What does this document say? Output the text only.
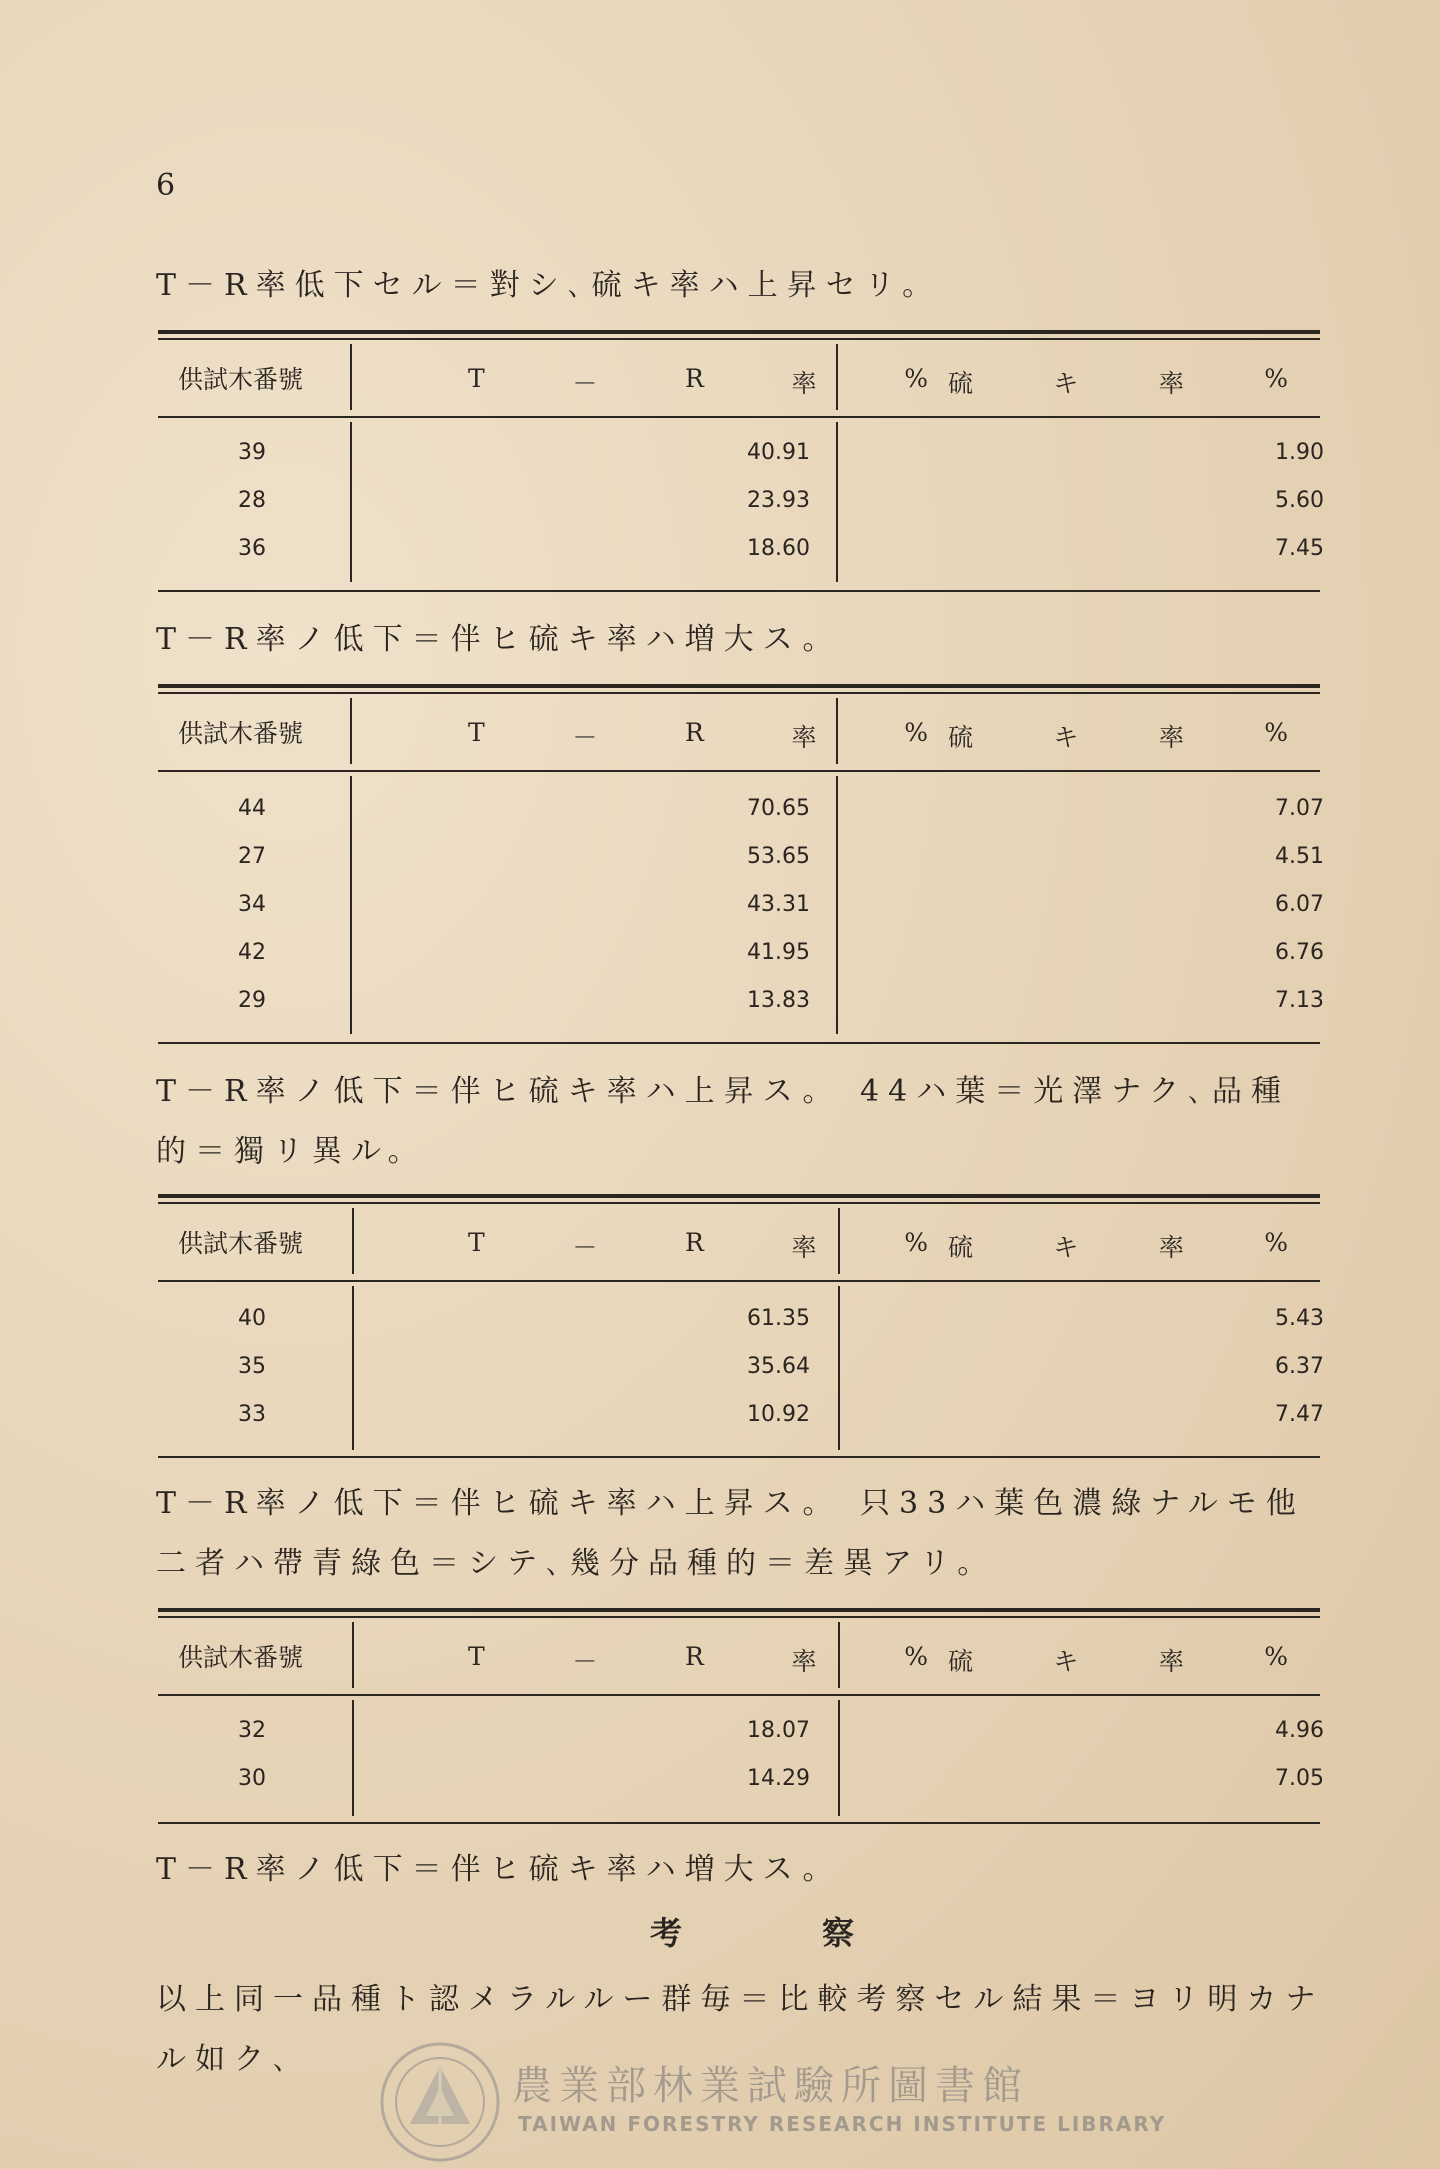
6
T－R率低下セル＝對シ､硫キ率ハ上昇セリ。
供試木番號	T	－	R	率	% 硫	キ	率	%
39	40.91	1.90
28	23.93	5.60
36	18.60	7.45
T－R率ノ低下＝伴ヒ硫キ率ハ増大ス。
供試木番號	T	－	R	率	% 硫	キ	率	%
44	70.65	7.07
27	53.65	4.51
34	43.31	6.07
42	41.95	6.76
29	13.83	7.13
T－R率ノ低下＝伴ヒ硫キ率ハ上昇ス。 44ハ葉＝光澤ナク､品種的＝獨リ異ル。
供試木番號	T	－	R	率	% 硫	キ	率	%
40	61.35	5.43
35	35.64	6.37
33	10.92	7.47
T－R率ノ低下＝伴ヒ硫キ率ハ上昇ス。 只33ハ葉色濃綠ナルモ他二者ハ帶青綠色＝シテ､幾分品種的＝差異アリ。
供試木番號	T	－	R	率	% 硫	キ	率	%
32	18.07	4.96
30	14.29	7.05
T－R率ノ低下＝伴ヒ硫キ率ハ増大ス。
考察
以上同一品種ト認メラルルー群毎＝比較考察セル結果＝ヨリ明カナル如ク､
農業部林業試驗所圖書館
TAIWAN FORESTRY RESEARCH INSTITUTE LIBRARY
